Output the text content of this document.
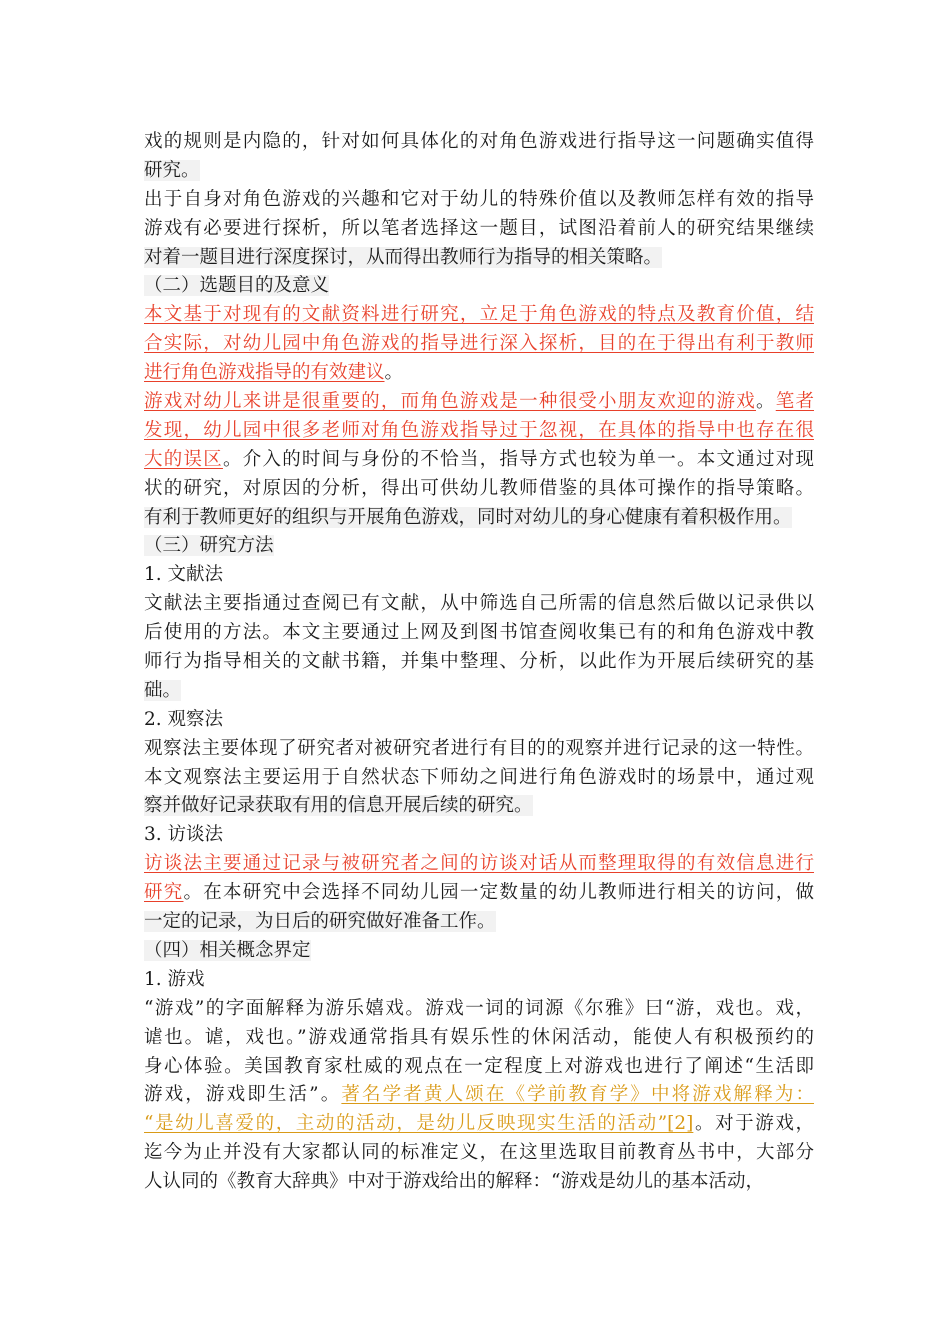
戏的规则是内隐的，针对如何具体化的对角色游戏进行指导这一问题确实值得
研究。
出于自身对角色游戏的兴趣和它对于幼儿的特殊价值以及教师怎样有效的指导
游戏有必要进行探析，所以笔者选择这一题目，试图沿着前人的研究结果继续
对着一题目进行深度探讨，从而得出教师行为指导的相关策略。
（二）选题目的及意义
本文基于对现有的文献资料进行研究，立足于角色游戏的特点及教育价值，结
合实际，对幼儿园中角色游戏的指导进行深入探析，目的在于得出有利于教师
进行角色游戏指导的有效建议。
游戏对幼儿来讲是很重要的，而角色游戏是一种很受小朋友欢迎的游戏。笔者
发现，幼儿园中很多老师对角色游戏指导过于忽视，在具体的指导中也存在很
大的误区。介入的时间与身份的不恰当，指导方式也较为单一。本文通过对现
状的研究，对原因的分析，得出可供幼儿教师借鉴的具体可操作的指导策略。
有利于教师更好的组织与开展角色游戏，同时对幼儿的身心健康有着积极作用。
（三）研究方法
1. 文献法
文献法主要指通过查阅已有文献，从中筛选自己所需的信息然后做以记录供以
后使用的方法。本文主要通过上网及到图书馆查阅收集已有的和角色游戏中教
师行为指导相关的文献书籍，并集中整理、分析，以此作为开展后续研究的基
础。
2. 观察法
观察法主要体现了研究者对被研究者进行有目的的观察并进行记录的这一特性。
本文观察法主要运用于自然状态下师幼之间进行角色游戏时的场景中，通过观
察并做好记录获取有用的信息开展后续的研究。
3. 访谈法
访谈法主要通过记录与被研究者之间的访谈对话从而整理取得的有效信息进行
研究。在本研究中会选择不同幼儿园一定数量的幼儿教师进行相关的访问，做
一定的记录，为日后的研究做好准备工作。
（四）相关概念界定
1. 游戏
“游戏”的字面解释为游乐嬉戏。游戏一词的词源《尔雅》曰“游，戏也。戏，
谑也。谑，戏也。”游戏通常指具有娱乐性的休闲活动，能使人有积极预约的
身心体验。美国教育家杜威的观点在一定程度上对游戏也进行了阐述“生活即
游戏，游戏即生活”。著名学者黄人颂在《学前教育学》中将游戏解释为：
“是幼儿喜爱的，主动的活动，是幼儿反映现实生活的活动”[2]。对于游戏，
迄今为止并没有大家都认同的标准定义，在这里选取目前教育丛书中，大部分
人认同的《教育大辞典》中对于游戏给出的解释：“游戏是幼儿的基本活动，
